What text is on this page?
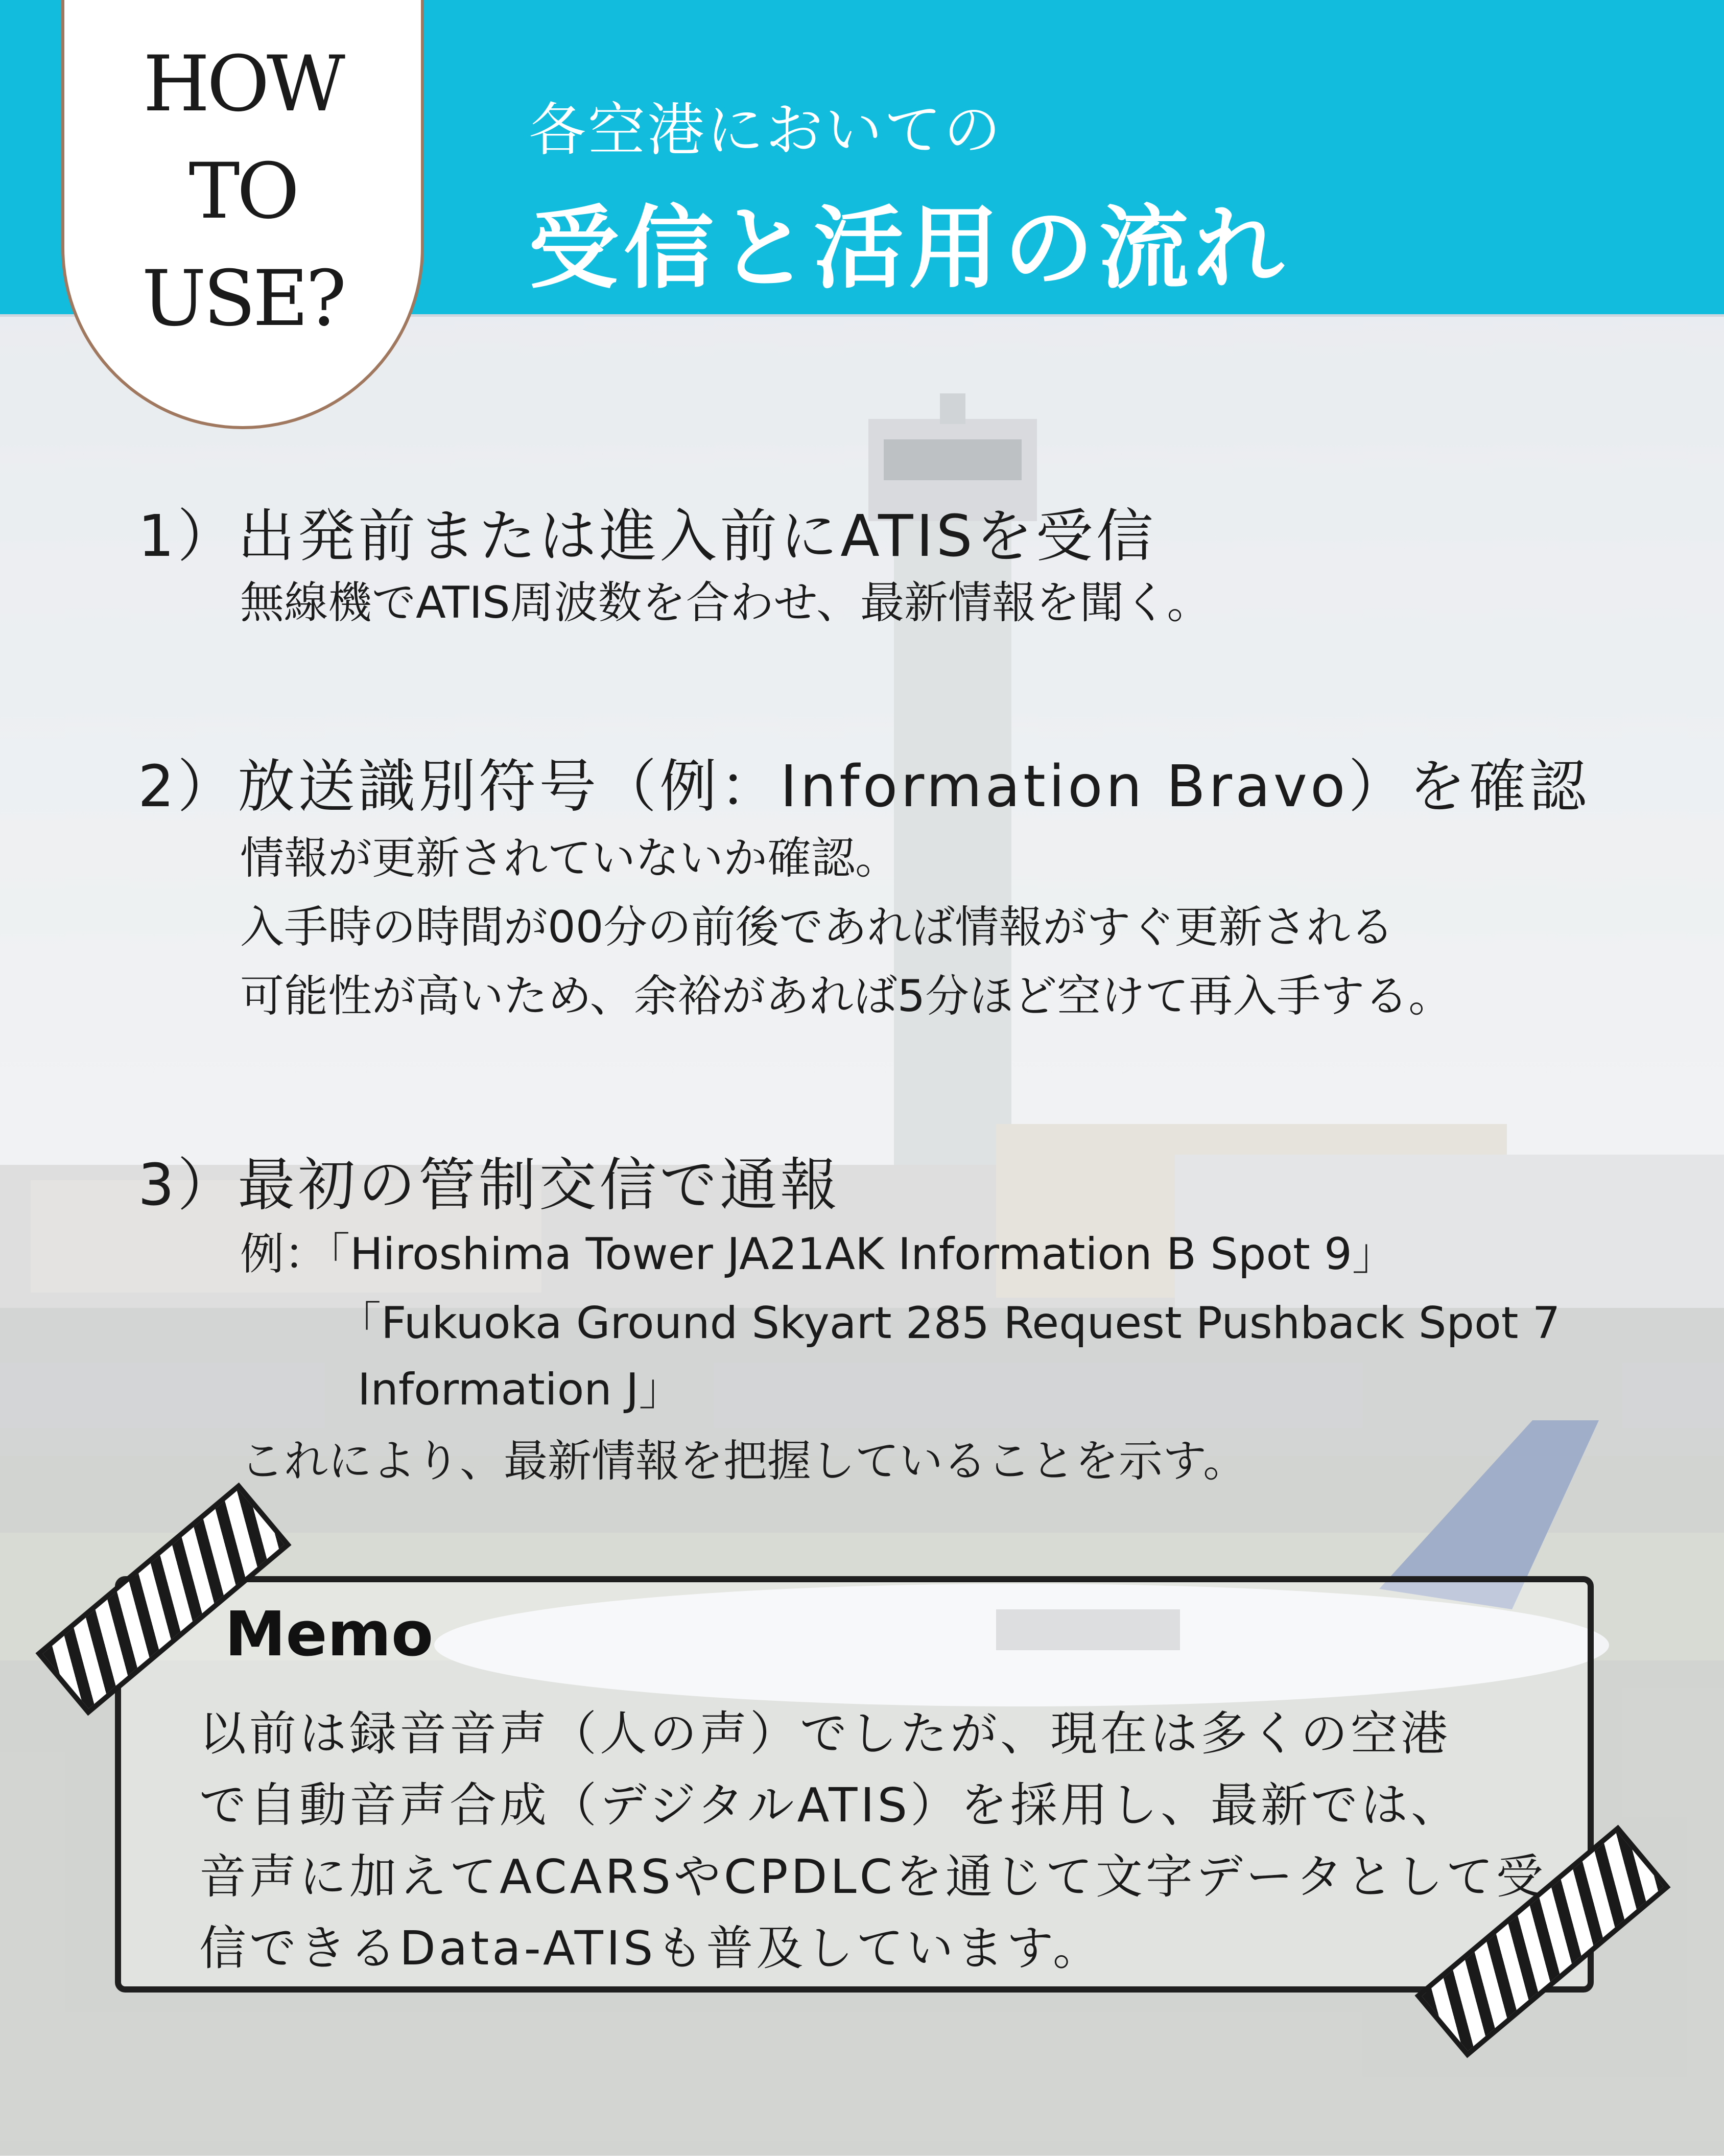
各空港においての
受信と活用の流れ
HOW
TO
USE?
1）出発前または進入前にATISを受信
無線機でATIS周波数を合わせ、最新情報を聞く。
2）放送識別符号（例：Information Bravo）を確認
情報が更新されていないか確認。
入手時の時間が00分の前後であれば情報がすぐ更新される
可能性が高いため、余裕があれば5分ほど空けて再入手する。
3）最初の管制交信で通報
例：「Hiroshima Tower JA21AK Information B Spot 9」
「Fukuoka Ground Skyart 285 Request Pushback Spot 7
Information J」
これにより、最新情報を把握していることを示す。
Memo
以前は録音音声（人の声）でしたが、現在は多くの空港
で自動音声合成（デジタルATIS）を採用し、最新では、
音声に加えてACARSやCPDLCを通じて文字データとして受
信できるData-ATISも普及しています。
